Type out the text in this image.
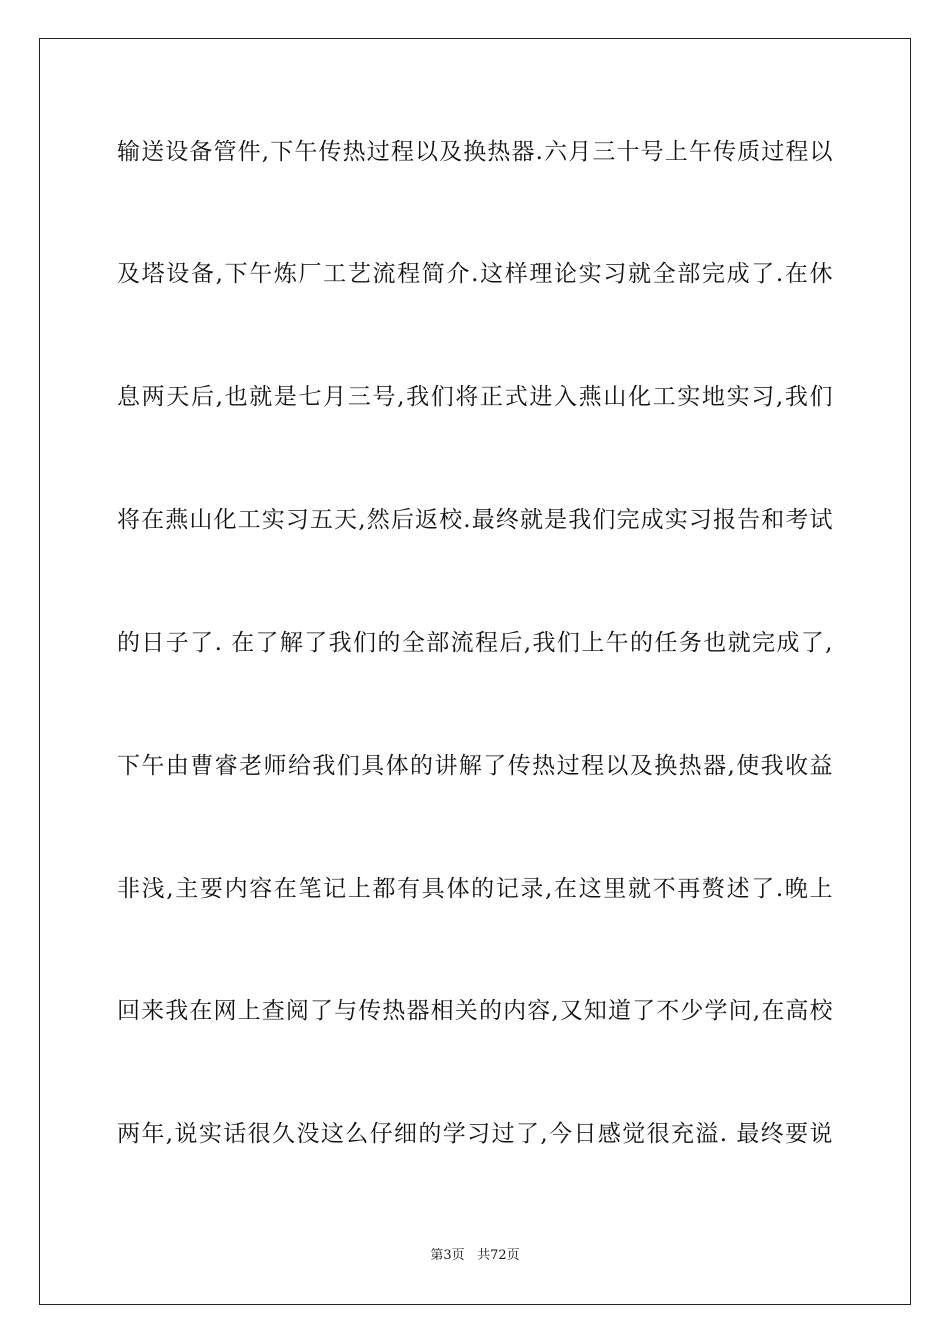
输送设备管件,下午传热过程以及换热器.六月三十号上午传质过程以
及塔设备,下午炼厂工艺流程简介.这样理论实习就全部完成了.在休
息两天后,也就是七月三号,我们将正式进入燕山化工实地实习,我们
将在燕山化工实习五天,然后返校.最终就是我们完成实习报告和考试
的日子了. 在了解了我们的全部流程后,我们上午的任务也就完成了,
下午由曹睿老师给我们具体的讲解了传热过程以及换热器,使我收益
非浅,主要内容在笔记上都有具体的记录,在这里就不再赘述了.晚上
回来我在网上查阅了与传热器相关的内容,又知道了不少学问,在高校
两年,说实话很久没这么仔细的学习过了,今日感觉很充溢. 最终要说
第3页 共72页
